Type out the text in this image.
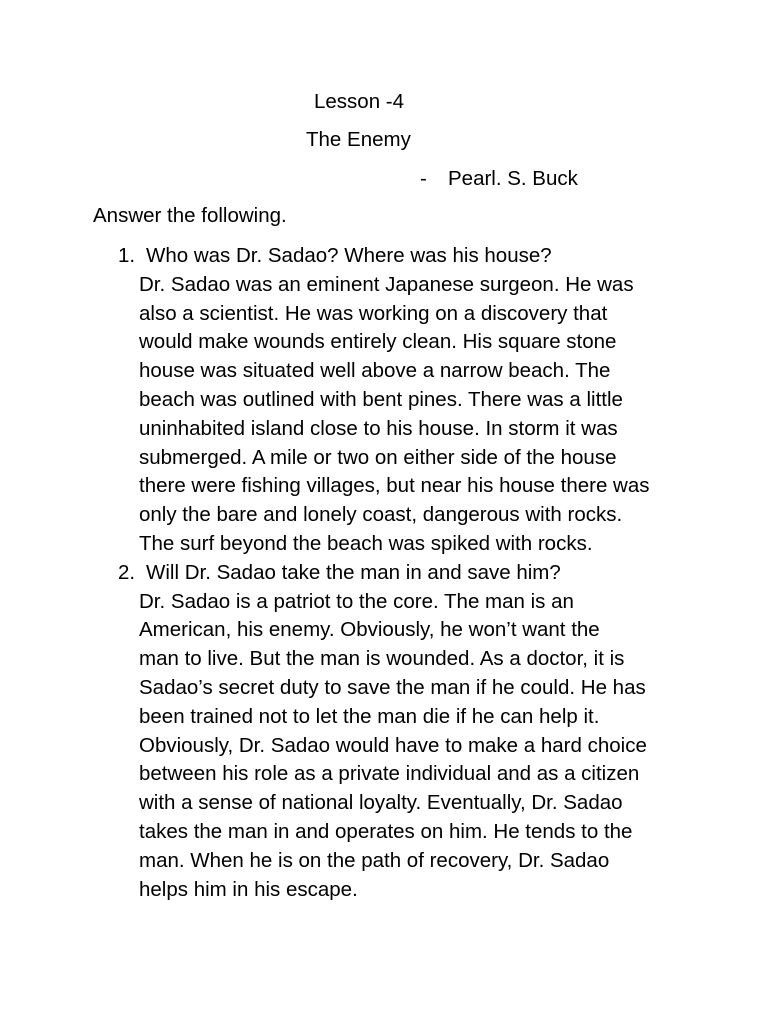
Lesson -4
The Enemy
- Pearl. S. Buck
Answer the following.
1. Who was Dr. Sadao? Where was his house?
Dr. Sadao was an eminent Japanese surgeon. He was
also a scientist. He was working on a discovery that
would make wounds entirely clean. His square stone
house was situated well above a narrow beach. The
beach was outlined with bent pines. There was a little
uninhabited island close to his house. In storm it was
submerged. A mile or two on either side of the house
there were fishing villages, but near his house there was
only the bare and lonely coast, dangerous with rocks.
The surf beyond the beach was spiked with rocks.
2. Will Dr. Sadao take the man in and save him?
Dr. Sadao is a patriot to the core. The man is an
American, his enemy. Obviously, he won’t want the
man to live. But the man is wounded. As a doctor, it is
Sadao’s secret duty to save the man if he could. He has
been trained not to let the man die if he can help it.
Obviously, Dr. Sadao would have to make a hard choice
between his role as a private individual and as a citizen
with a sense of national loyalty. Eventually, Dr. Sadao
takes the man in and operates on him. He tends to the
man. When he is on the path of recovery, Dr. Sadao
helps him in his escape.
